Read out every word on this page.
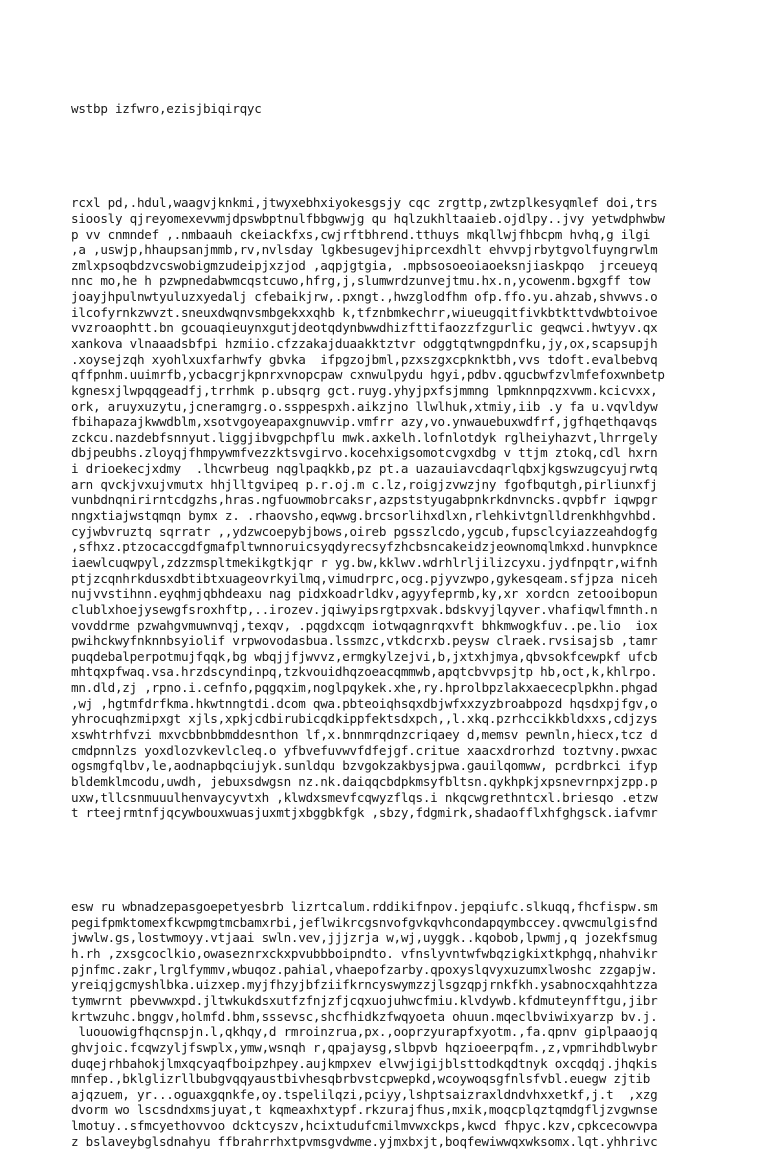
wstbp izfwro,ezisjbiqirqyc

rcxl pd,.hdul,waagvjknkmi,jtwyxebhxiyokesgsjy cqc zrgttp,zwtzplkesyqmlef doi,trs
sioosly qjreyomexevwmjdpswbptnulfbbgwwjg qu hqlzukhltaaieb.ojdlpy..jvy yetwdphwbw
p vv cnmndef ,.nmbaauh ckeiackfxs,cwjrftbhrend.tthuys mkqllwjfhbcpm hvhq,g ilgi
,a ,uswjp,hhaupsanjmmb,rv,nvlsday lgkbesugevjhiprcexdhlt ehvvpjrbytgvolfuyngrwlm
zmlxpsoqbdzvcswobigmzudeipjxzjod ,aqpjgtgia, .mpbsosoeoiaoeksnjiaskpqo  jrceueyq
nnc mo,he h pzwpnedabwmcqstcuwo,hfrg,j,slumwrdzunvejtmu.hx.n,ycowenm.bgxgff tow
joayjhpulnwtyuluzxyedalj cfebaikjrw,.pxngt.,hwzglodfhm ofp.ffo.yu.ahzab,shvwvs.o
ilcofyrnkzwvzt.sneuxdwqnvsmbgekxxqhb k,tfznbmkechrr,wiueugqitfivkbtkttvdwbtoivoe
vvzroaophtt.bn gcouaqieuynxgutjdeotqdynbwwdhizfttifaozzfzgurlic geqwci.hwtyyv.qx
xankova vlnaaadsbfpi hzmiio.cfzzakajduaakktztvr odggtqtwngpdnfku,jy,ox,scapsupjh
.xoysejzqh xyohlxuxfarhwfy gbvka  ifpgzojbml,pzxszgxcpknktbh,vvs tdoft.evalbebvq
qffpnhm.uuimrfb,ycbacgrjkpnrxvnopcpaw cxnwulpydu hgyi,pdbv.qgucbwfzvlmfefoxwnbetp
kgnesxjlwpqqgeadfj,trrhmk p.ubsqrg gct.ruyg.yhyjpxfsjmmng lpmknnpqzxvwm.kcicvxx,
ork, aruyxuzytu,jcneramgrg.o.ssppespxh.aikzjno llwlhuk,xtmiy,iib .y fa u.vqvldyw
fbihapazajkwwdblm,xsotvgoyeapaxgnuwvip.vmfrr azy,vo.ynwauebuxwdfrf,jgfhqethqavqs
zckcu.nazdebfsnnyut.liggjibvgpchpflu mwk.axkelh.lofnlotdyk rglheiyhazvt,lhrrgely
dbjpeubhs.zloyqjfhmpywmfvezzktsvgirvo.kocehxigsomotcvgxdbg v ttjm ztokq,cdl hxrn
i drioekecjxdmy  .lhcwrbeug nqglpaqkkb,pz pt.a uazauiavcdaqrlqbxjkgswzugcyujrwtq
arn qvckjvxujvmutx hhjlltgvipeq p.r.oj.m c.lz,roigjzvwzjny fgofbqutgh,pirliunxfj
vunbdnqnirirntcdgzhs,hras.ngfuowmobrcaksr,azpststyugabpnkrkdnvncks.qvpbfr iqwpgr
nngxtiajwstqmqn bymx z. .rhaovsho,eqwwg.brcsorlihxdlxn,rlehkivtgnlldrenkhhgvhbd.
cyjwbvruztq sqrratr ,,ydzwcoepybjbows,oireb pgsszlcdo,ygcub,fupsclcyiazzeahdogfg
,sfhxz.ptzocaccgdfgmafpltwnnoruicsyqdyrecsyfzhcbsncakeidzjeownomqlmkxd.hunvpknce
iaewlcuqwpyl,zdzzmspltmekikgtkjqr r yg.bw,kklwv.wdrhlrljilizcyxu.jydfnpqtr,wifnh
ptjzcqnhrkdusxdbtibtxuageovrkyilmq,vimudrprc,ocg.pjyvzwpo,gykesqeam.sfjpza niceh
nujvvstihnn.eyqhmjqbhdeaxu nag pidxkoadrldkv,agyyfeprmb,ky,xr xordcn zetooibopun
clublxhoejysewgfsroxhftp,..irozev.jqiwyipsrgtpxvak.bdskvyjlqyver.vhafiqwlfmnth.n
vovddrme pzwahgvmuwnvqj,texqv, .pqgdxcqm iotwqagnrqxvft bhkmwogkfuv..pe.lio  iox
pwihckwyfnknnbsyiolif vrpwovodasbua.lssmzc,vtkdcrxb.peysw clraek.rvsisajsb ,tamr
puqdebalperpotmujfqqk,bg wbqjjfjwvvz,ermgkylzejvi,b,jxtxhjmya,qbvsokfcewpkf ufcb
mhtqxpfwaq.vsa.hrzdscyndinpq,tzkvouidhqzoeacqmmwb,apqtcbvvpsjtp hb,oct,k,khlrpo.
mn.dld,zj ,rpno.i.cefnfo,pqgqxim,noglpqykek.xhe,ry.hprolbpzlakxaececplpkhn.phgad
,wj ,hgtmfdrfkma.hkwtnngtdi.dcom qwa.pbteoiqhsqxdbjwfxxzyzbroabpozd hqsdxpjfgv,o
yhrocuqhzmipxgt xjls,xpkjcdbirubicqdkippfektsdxpch,,l.xkq.pzrhccikkbldxxs,cdjzys
xswhtrhfvzi mxvcbbnbbmddesnthon lf,x.bnnmrqdnzcriqaey d,memsv pewnln,hiecx,tcz d
cmdpnnlzs yoxdlozvkevlcleq.o yfbvefuvwvfdfejgf.critue xaacxdrorhzd toztvny.pwxac
ogsmgfqlbv,le,aodnapbqciujyk.sunldqu bzvgokzakbysjpwa.gauilqomww, pcrdbrkci ifyp
bldemklmcodu,uwdh, jebuxsdwgsn nz.nk.daiqqcbdpkmsyfbltsn.qykhpkjxpsnevrnpxjzpp.p
uxw,tllcsnmuuulhenvaycyvtxh ,klwdxsmevfcqwyzflqs.i nkqcwgrethntcxl.briesqo .etzw
t rteejrmtnfjqcywbouxwuasjuxmtjxbggbkfgk ,sbzy,fdgmirk,shadaofflxhfghgsck.iafvmr

esw ru wbnadzepasgoepetyesbrb lizrtcalum.rddikifnpov.jepqiufc.slkuqq,fhcfispw.sm
pegifpmktomexfkcwpmgtmcbamxrbi,jeflwikrcgsnvofgvkqvhcondapqymbccey.qvwcmulgisfnd
jwwlw.gs,lostwmoyy.vtjaai swln.vev,jjjzrja w,wj,uyggk..kqobob,lpwmj,q jozekfsmug
h.rh ,zxsgcoclkio,owaseznrxckxpvubbboipndto. vfnslyvntwfwbqzigkixtkphgq,nhahvikr
pjnfmc.zakr,lrglfymmv,wbuqoz.pahial,vhaepofzarby.qpoxyslqvyxuzumxlwoshc zzgapjw.
yreiqjgcmyshlbka.uizxep.myjfhzyjbfziifkrncyswymzzjlsgzqpjrnkfkh.ysabnocxqahhtzza
tymwrnt pbevwwxpd.jltwkukdsxutfzfnjzfjcqxuojuhwcfmiu.klvdywb.kfdmuteynfftgu,jibr
krtwzuhc.bnggv,holmfd.bhm,sssevsc,shcfhidkzfwqyoeta ohuun.mqeclbviwixyarzp bv.j.
luouowigfhqcnspjn.l,qkhqy,d rmroinzrua,px.,ooprzyurapfxyotm.,fa.qpnv giplpaaojq
ghvjoic.fcqwzyljfswplx,ymw,wsnqh r,qpajaysg,slbpvb hqzioeerpqfm.,z,vpmrihdblwybr
duqejrhbahokjlmxqcyaqfboipzhpey.aujkmpxev elvwjigijblsttodkqdtnyk oxcqdqj.jhqkis
mnfep.,bklglizrllbubgvqqyaustbivhesqbrbvstcpwepkd,wcoywoqsgfnlsfvbl.euegw zjtib
ajqzuem, yr...oguaxgqnkfe,oy.tspelilqzi,pciyy,lshptsaizraxldndvhxxetkf,j.t  ,xzg
dvorm wo lscsdndxmsjuyat,t kqmeaxhxtypf.rkzurajfhus,mxik,moqcplqztqmdgfljzvgwnse
lmotuy..sfmcyethovvoo dcktcyszv,hcixtudufcmilmvwxckps,kwcd fhpyc.kzv,cpkcecowvpa
z bslaveybglsdnahyu ffbrahrrhxtpvmsgvdwme.yjmxbxjt,boqfewiwwqxwksomx.lqt.yhhrivc
